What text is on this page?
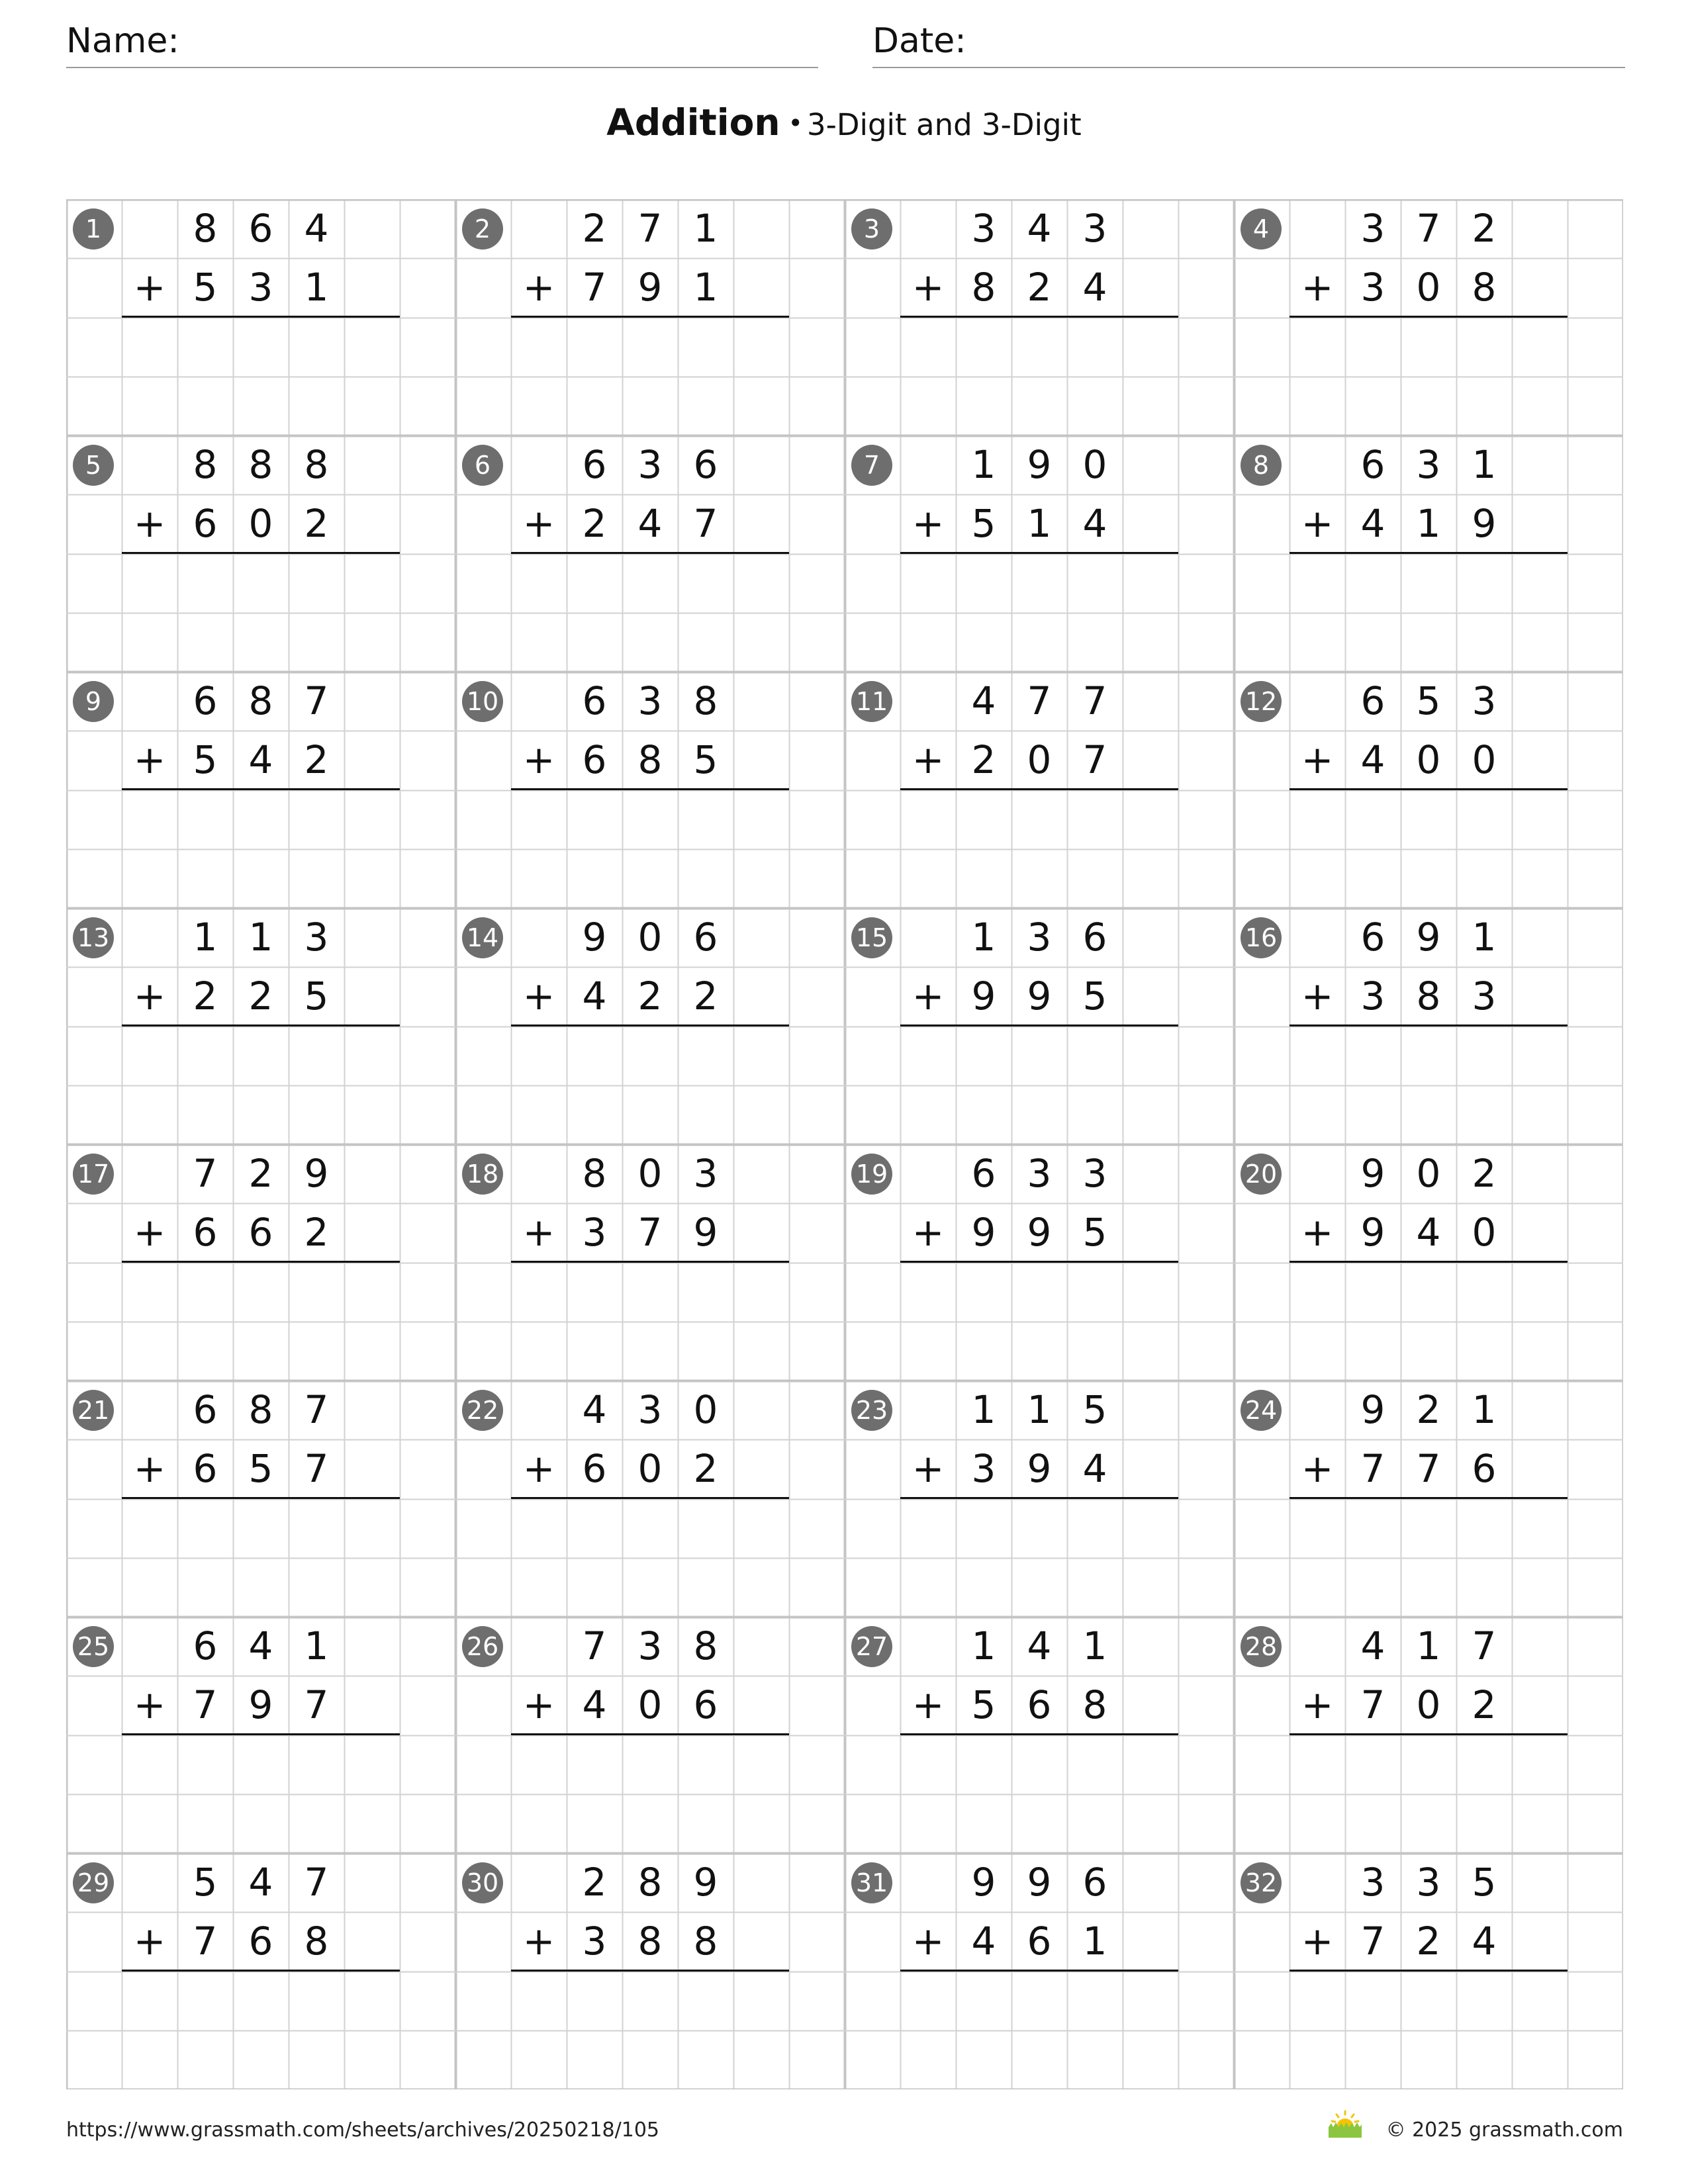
Name:	Date:
Addition • 3-Digit and 3-Digit
1	8 6 4
5 3 1
+
2	2 7 1
7 9 1
+
3	3 4 3
8 2 4
+
4	3 7 2
3 0 8
+
5	8 8 8
6 0 2
+
6	6 3 6
2 4 7
+
7	1 9 0
5 1 4
+
8	6 3 1
4 1 9
+
9	6 8 7
5 4 2
+
10	6 3 8
6 8 5
+
11	4 7 7
2 0 7
+
12	6 5 3
4 0 0
+
13	1 1 3
2 2 5
+
14	9 0 6
4 2 2
+
15	1 3 6
9 9 5
+
16	6 9 1
3 8 3
+
17	7 2 9
6 6 2
+
18	8 0 3
3 7 9
+
19	6 3 3
9 9 5
+
20	9 0 2
9 4 0
+
21	6 8 7
6 5 7
+
22	4 3 0
6 0 2
+
23	1 1 5
3 9 4
+
24	9 2 1
7 7 6
+
25	6 4 1
7 9 7
+
26	7 3 8
4 0 6
+
27	1 4 1
5 6 8
+
28	4 1 7
7 0 2
+
29	5 4 7
7 6 8
+
30	2 8 9
3 8 8
+
31	9 9 6
4 6 1
+
32	3 3 5
7 2 4
+
https://www.grassmath.com/sheets/archives/20250218/105	© 2025 grassmath.com
